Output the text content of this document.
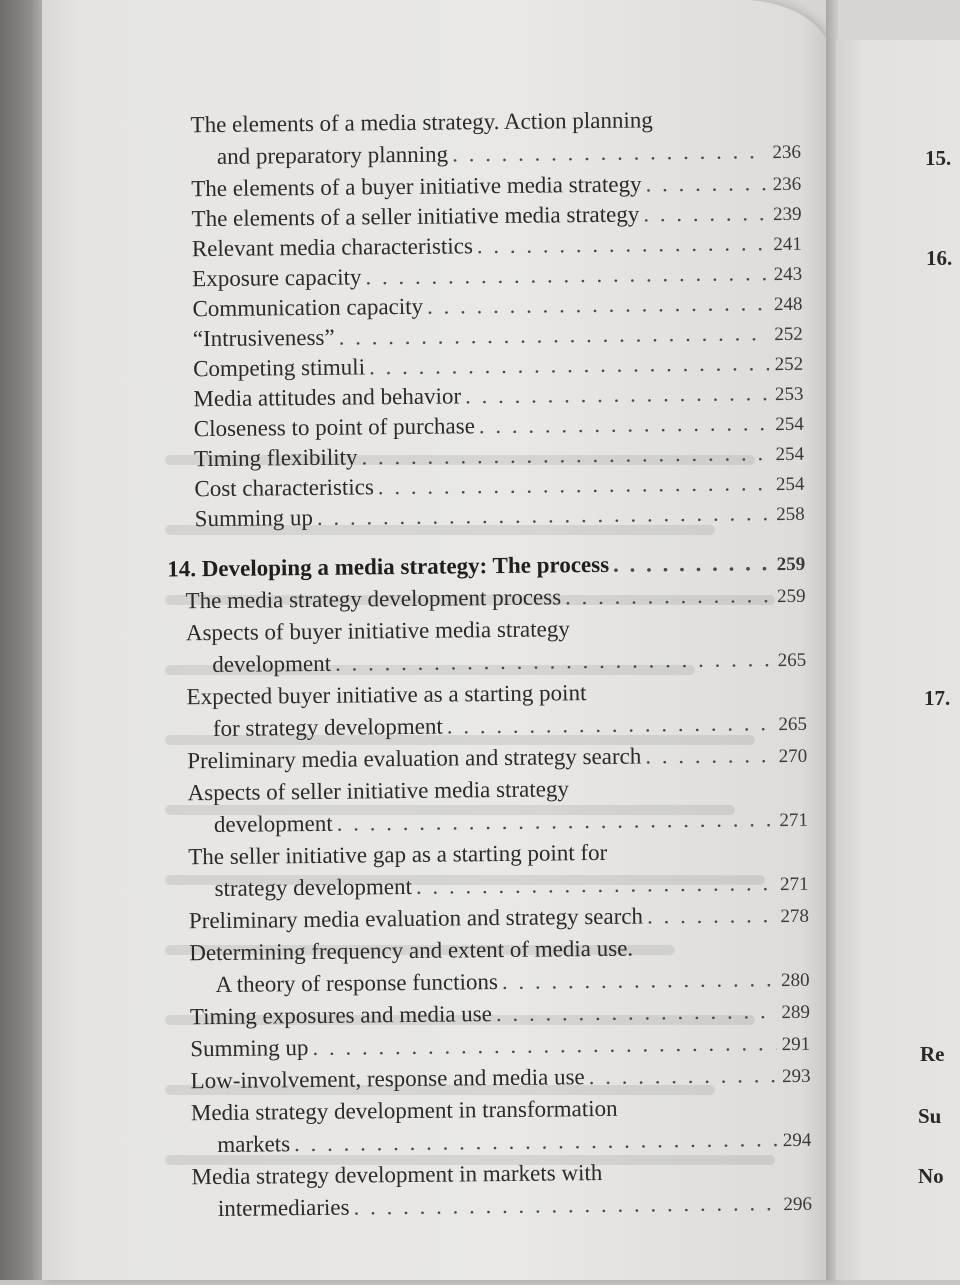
The elements of a media strategy. Action planning
and preparatory planning . . .	236
The elements of a buyer initiative media strategy . . .	236
The elements of a seller initiative media strategy . . .	239
Relevant media characteristics . . .	241
Exposure capacity . . .	243
Communication capacity . . .	248
“Intrusiveness” . . .	252
Competing stimuli . . .	252
Media attitudes and behavior . . .	253
Closeness to point of purchase . . .	254
Timing flexibility . . .	254
Cost characteristics . . .	254
Summing up . . .	258
14. Developing a media strategy: The process . . .	259
The media strategy development process . . .	259
Aspects of buyer initiative media strategy
development . . .	265
Expected buyer initiative as a starting point
for strategy development . . .	265
Preliminary media evaluation and strategy search . . .	270
Aspects of seller initiative media strategy
development . . .	271
The seller initiative gap as a starting point for
strategy development . . .	271
Preliminary media evaluation and strategy search . . .	278
Determining frequency and extent of media use.
A theory of response functions . . .	280
Timing exposures and media use . . .	289
Summing up . . .	291
Low-involvement, response and media use . . .	293
Media strategy development in transformation
markets . . .	294
Media strategy development in markets with
intermediaries . . .	296
15.
16.
17.
Re
Su
No
